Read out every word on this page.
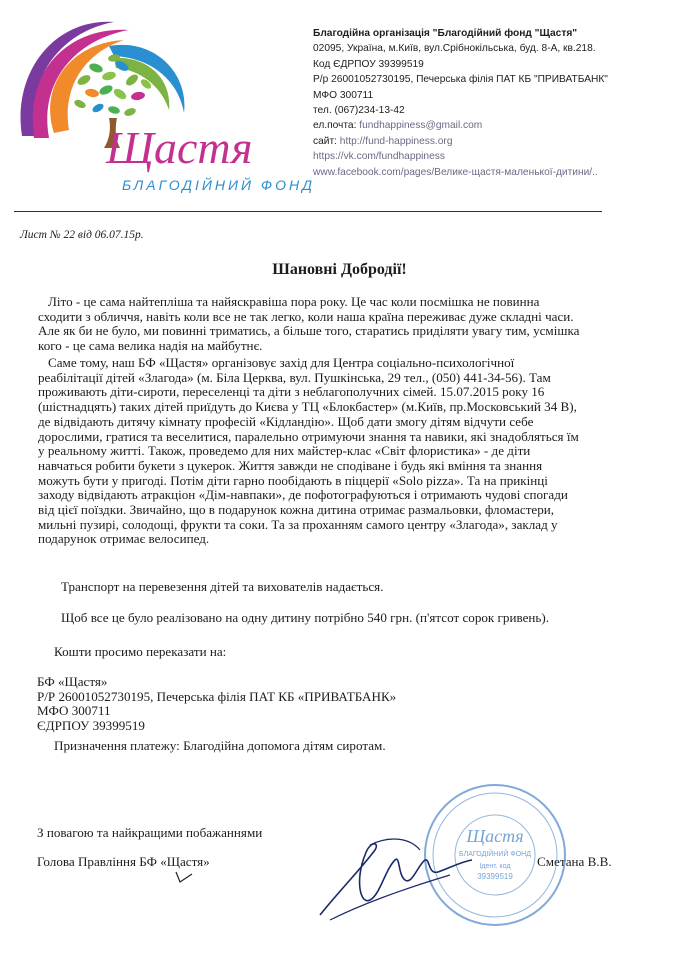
Щастя
БЛАГОДІЙНИЙ ФОНД
Благодійна організація "Благодійний фонд "Щастя"
02095, Україна, м.Київ, вул.Срібнокільська, буд. 8-А, кв.218.
Код ЄДРПОУ 39399519
Р/р 26001052730195, Печерська філія ПАТ КБ "ПРИВАТБАНК"
МФО 300711
тел. (067)234-13-42
ел.почта: fundhappiness@gmail.com
сайт: http://fund-happiness.org
https://vk.com/fundhappiness
www.facebook.com/pages/Велике-щастя-маленької-дитини/..
Лист № 22 від 06.07.15р.
Шановні Добродії!
Літо - це сама найтепліша та найяскравіша пора року. Це час коли посмішка не повинна
сходити з обличчя, навіть коли все не так легко, коли наша країна переживає дуже складні часи.
Але як би не було, ми повинні триматись, а більше того, старатись приділяти увагу тим, усмішка
кого - це сама велика надія на майбутнє.
Саме тому, наш БФ «Щастя» організовує захід для Центра соціально-психологічної
реабілітації дітей «Злагода» (м. Біла Церква, вул. Пушкінська, 29 тел., (050) 441-34-56). Там
проживають діти-сироти, переселенці та діти з неблагополучних сімей. 15.07.2015 року 16
(шістнадцять) таких дітей приїдуть до Києва у ТЦ «Блокбастер» (м.Київ, пр.Московський 34 В),
де відвідають дитячу кімнату професій «Кідландію». Щоб дати змогу дітям відчути себе
дорослими, гратися та веселитися, паралельно отримуючи знання та навики, які знадобляться їм
у реальному житті. Також, проведемо для них майстер-клас «Світ флористика» - де діти
навчаться робити букети з цукерок. Життя завжди не сподіване і будь які вміння та знання
можуть бути у пригоді. Потім діти гарно пообідають в піццерії «Solo pizza». Та на прикінці
заходу відвідають атракціон «Дім-навпаки», де пофотографуються і отримають чудові спогади
від цієї поїздки. Звичайно, що в подарунок кожна дитина отримає размальовки, фломастери,
мильні пузирі, солодощі, фрукти та соки. Та за проханням самого центру «Злагода», заклад у
подарунок отримає велосипед.
Транспорт на перевезення дітей та вихователів надається.
Щоб все це було реалізовано на одну дитину потрібно 540 грн. (п'ятсот сорок гривень).
Кошти просимо переказати на:
БФ «Щастя»
Р/Р 26001052730195, Печерська філія ПАТ КБ «ПРИВАТБАНК»
МФО 300711
ЄДРПОУ 39399519
Призначення платежу: Благодійна допомога дітям сиротам.
З повагою та найкращими побажаннями
Голова Правління БФ «Щастя»	Сметана В.В.
Щастя
БЛАГОДІЙНИЙ ФОНД
Ідент. код
39399519
